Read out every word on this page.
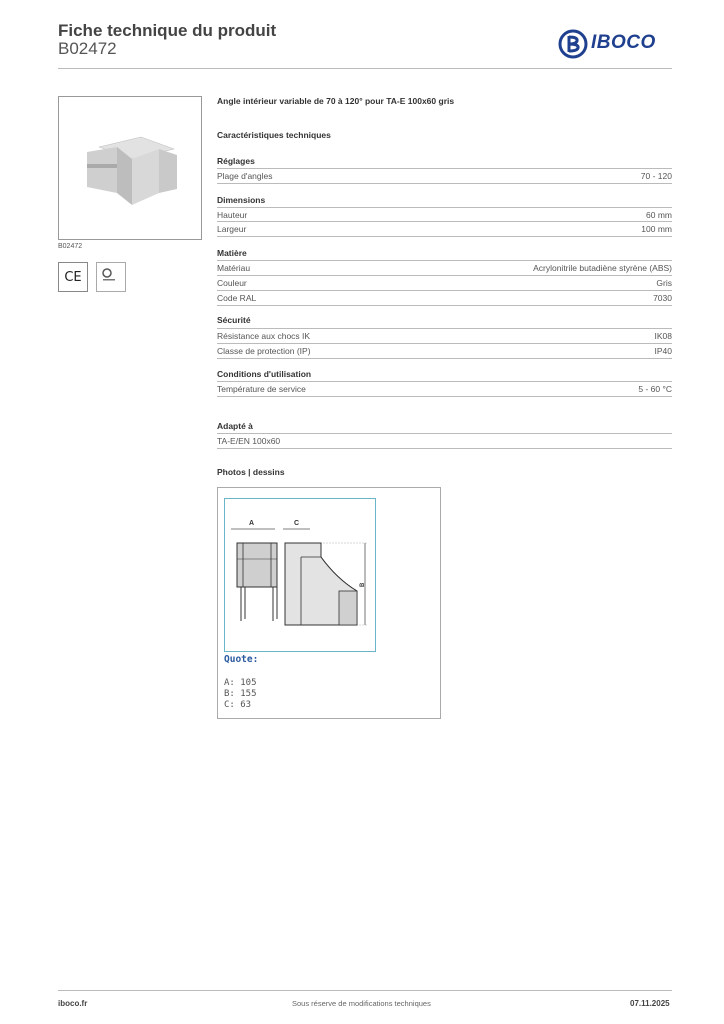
Fiche technique du produit
B02472	IBOCO
B02472
CE
Angle intérieur variable de 70 à 120° pour TA-E 100x60 gris
Caractéristiques techniques
Réglages
Plage d'angles	70 - 120
Dimensions
Hauteur	60 mm
Largeur	100 mm
Matière
Matériau	Acrylonitrile butadiène styrène (ABS)
Couleur	Gris
Code RAL	7030
Sécurité
Résistance aux chocs IK	IK08
Classe de protection (IP)	IP40
Conditions d'utilisation
Température de service	5 - 60 °C
Adapté à
TA-E/EN 100x60
Photos | dessins
A	C
B
Quote:
A: 105
B: 155
C: 63
iboco.fr	Sous réserve de modifications techniques	07.11.2025
